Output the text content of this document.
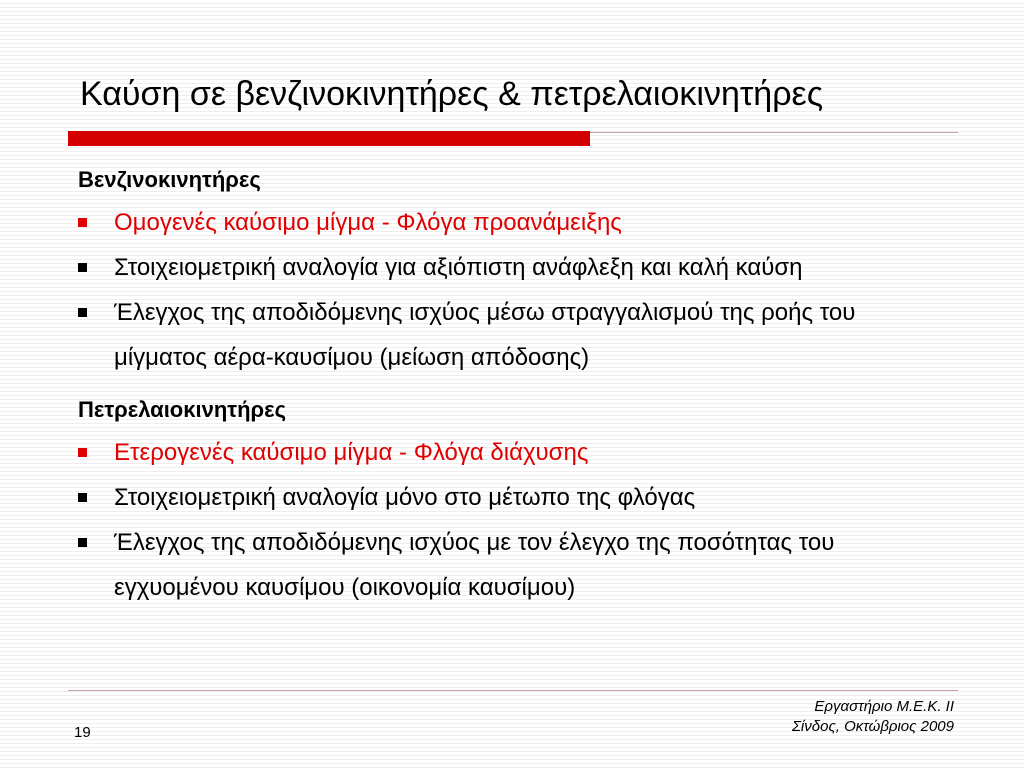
Καύση σε βενζινοκινητήρες & πετρελαιοκινητήρες
Βενζινοκινητήρες
Ομογενές καύσιμο μίγμα - Φλόγα προανάμειξης
Στοιχειομετρική αναλογία για αξιόπιστη ανάφλεξη και καλή καύση
Έλεγχος της αποδιδόμενης ισχύος μέσω στραγγαλισμού της ροής του μίγματος αέρα-καυσίμου (μείωση απόδοσης)
Πετρελαιοκινητήρες
Ετερογενές καύσιμο μίγμα - Φλόγα διάχυσης
Στοιχειομετρική αναλογία μόνο στο μέτωπο της φλόγας
Έλεγχος της αποδιδόμενης ισχύος με τον έλεγχο της ποσότητας του εγχυομένου καυσίμου (οικονομία καυσίμου)
19
Εργαστήριο Μ.Ε.Κ. ΙΙ
Σίνδος, Οκτώβριος 2009
